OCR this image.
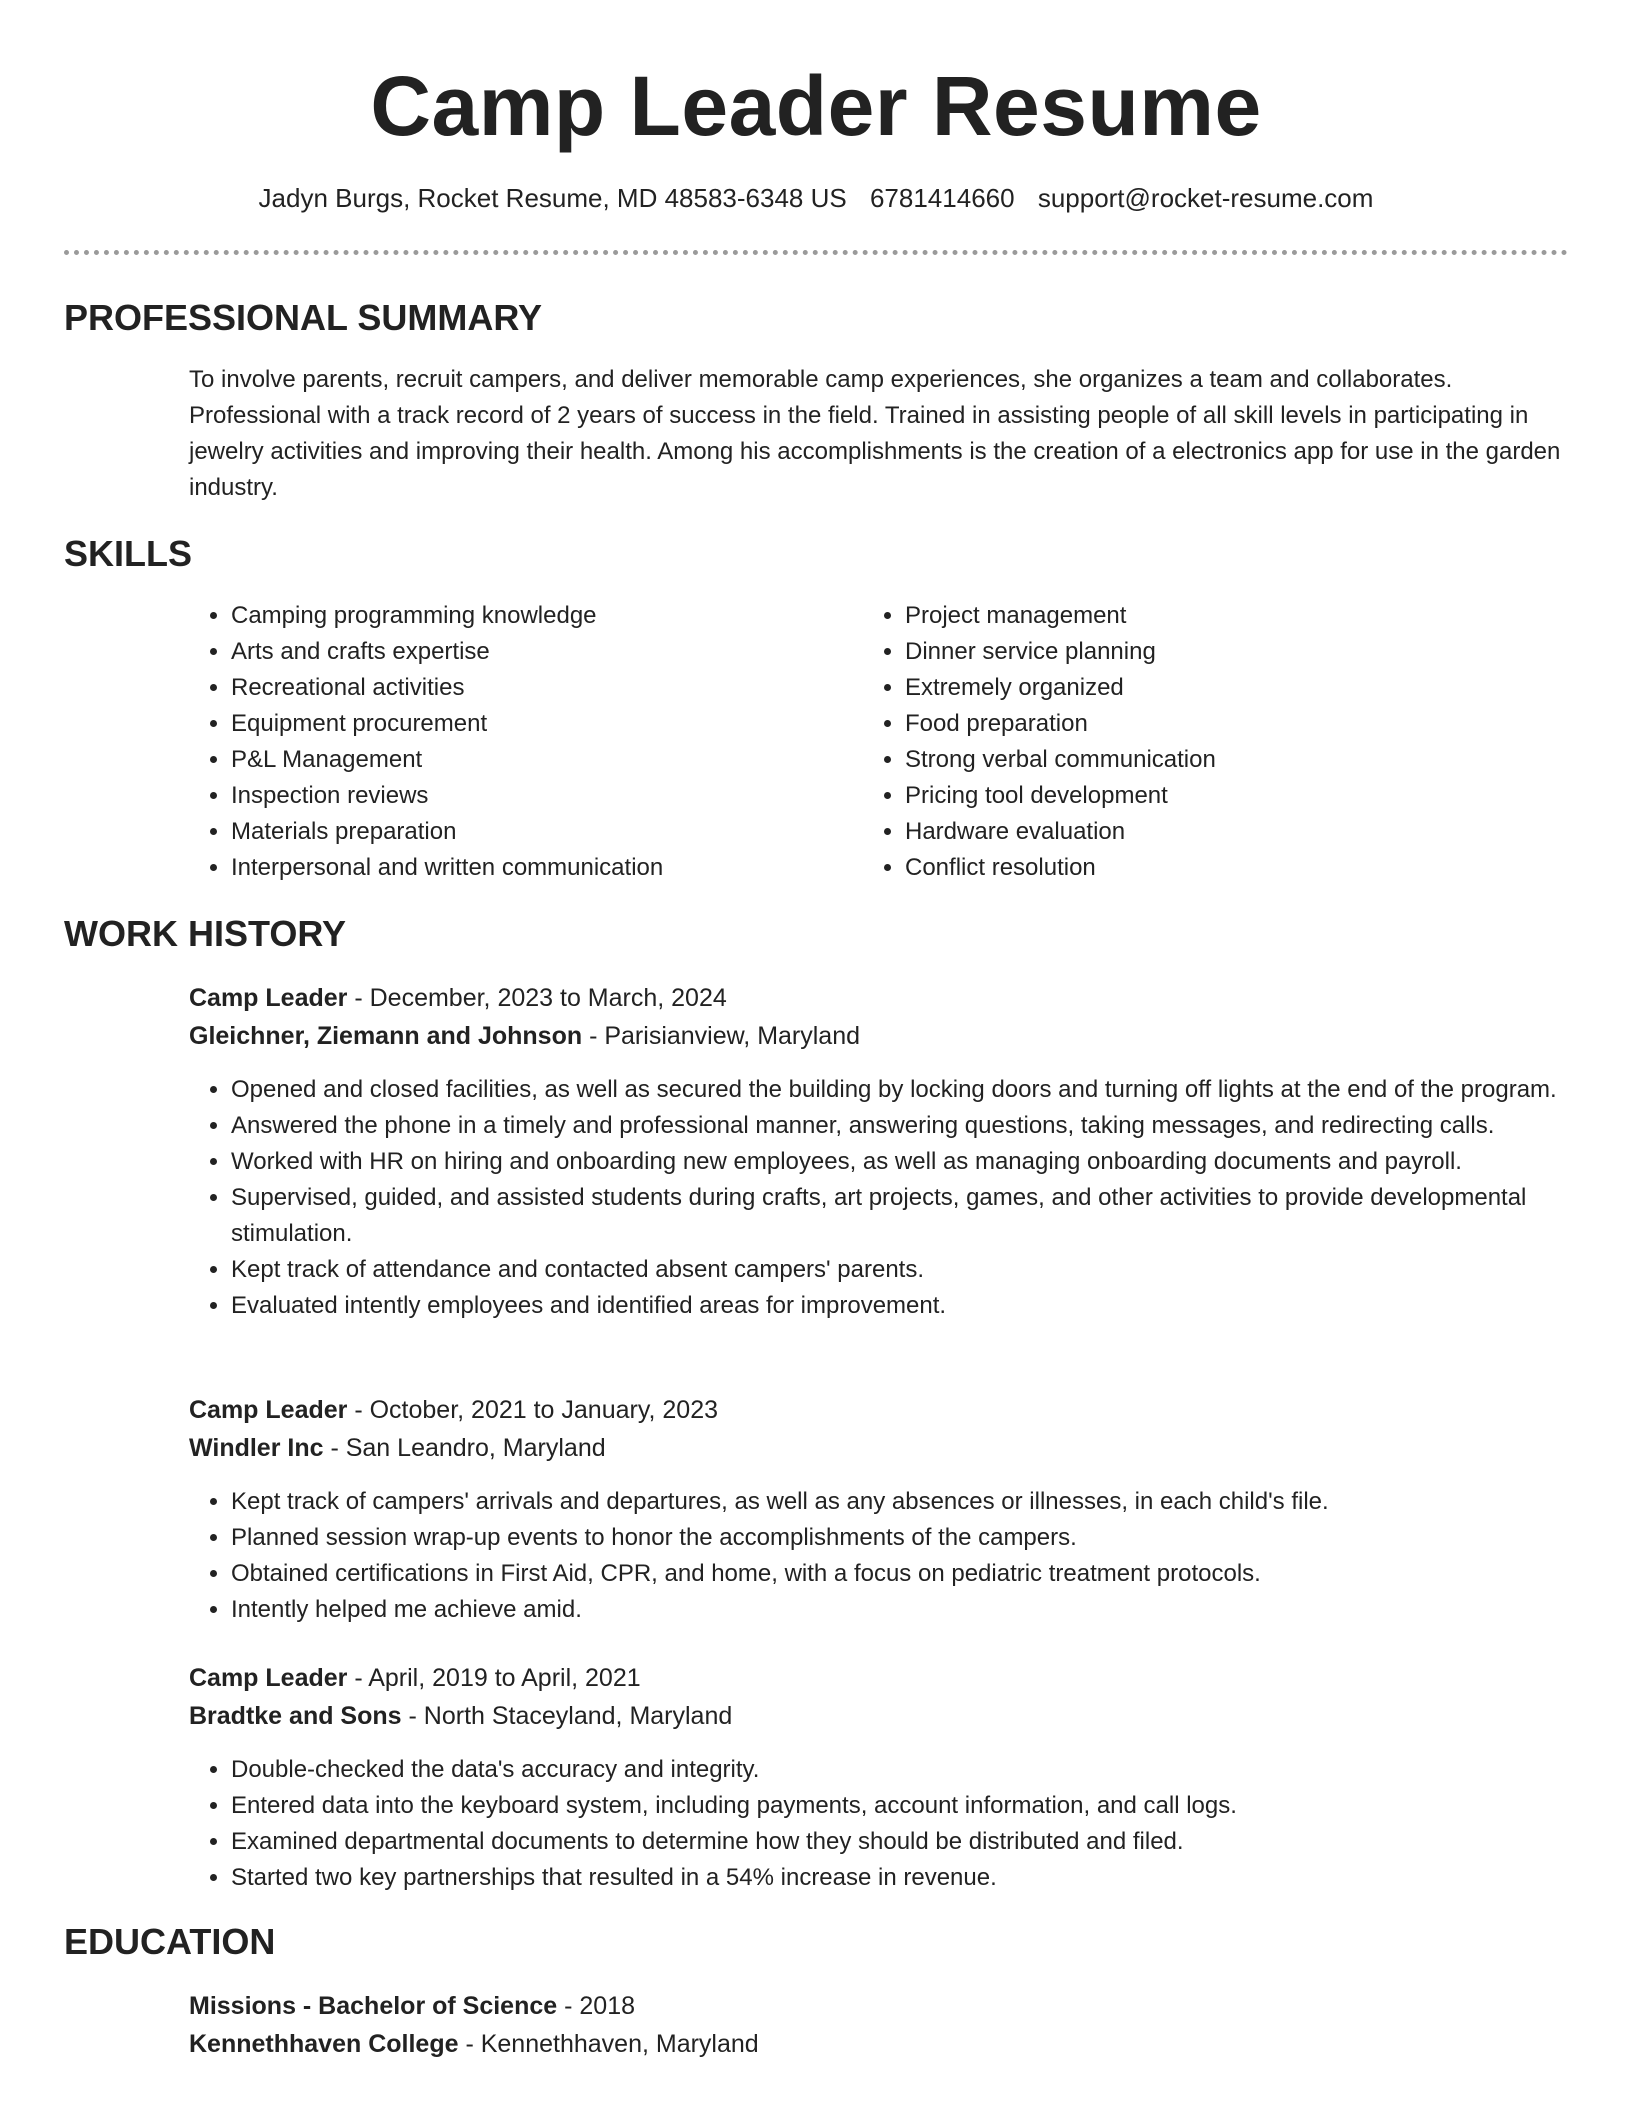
Camp Leader Resume
Jadyn Burgs, Rocket Resume, MD 48583-6348 US 6781414660 support@rocket-resume.com
PROFESSIONAL SUMMARY
To involve parents, recruit campers, and deliver memorable camp experiences, she organizes a team and collaborates. Professional with a track record of 2 years of success in the field. Trained in assisting people of all skill levels in participating in jewelry activities and improving their health. Among his accomplishments is the creation of a electronics app for use in the garden industry.
SKILLS
• Camping programming knowledge
• Arts and crafts expertise
• Recreational activities
• Equipment procurement
• P&L Management
• Inspection reviews
• Materials preparation
• Interpersonal and written communication
• Project management
• Dinner service planning
• Extremely organized
• Food preparation
• Strong verbal communication
• Pricing tool development
• Hardware evaluation
• Conflict resolution
WORK HISTORY
Camp Leader - December, 2023 to March, 2024
Gleichner, Ziemann and Johnson - Parisianview, Maryland
• Opened and closed facilities, as well as secured the building by locking doors and turning off lights at the end of the program.
• Answered the phone in a timely and professional manner, answering questions, taking messages, and redirecting calls.
• Worked with HR on hiring and onboarding new employees, as well as managing onboarding documents and payroll.
• Supervised, guided, and assisted students during crafts, art projects, games, and other activities to provide developmental stimulation.
• Kept track of attendance and contacted absent campers' parents.
• Evaluated intently employees and identified areas for improvement.
Camp Leader - October, 2021 to January, 2023
Windler Inc - San Leandro, Maryland
• Kept track of campers' arrivals and departures, as well as any absences or illnesses, in each child's file.
• Planned session wrap-up events to honor the accomplishments of the campers.
• Obtained certifications in First Aid, CPR, and home, with a focus on pediatric treatment protocols.
• Intently helped me achieve amid.
Camp Leader - April, 2019 to April, 2021
Bradtke and Sons - North Staceyland, Maryland
• Double-checked the data's accuracy and integrity.
• Entered data into the keyboard system, including payments, account information, and call logs.
• Examined departmental documents to determine how they should be distributed and filed.
• Started two key partnerships that resulted in a 54% increase in revenue.
EDUCATION
Missions - Bachelor of Science - 2018
Kennethhaven College - Kennethhaven, Maryland
